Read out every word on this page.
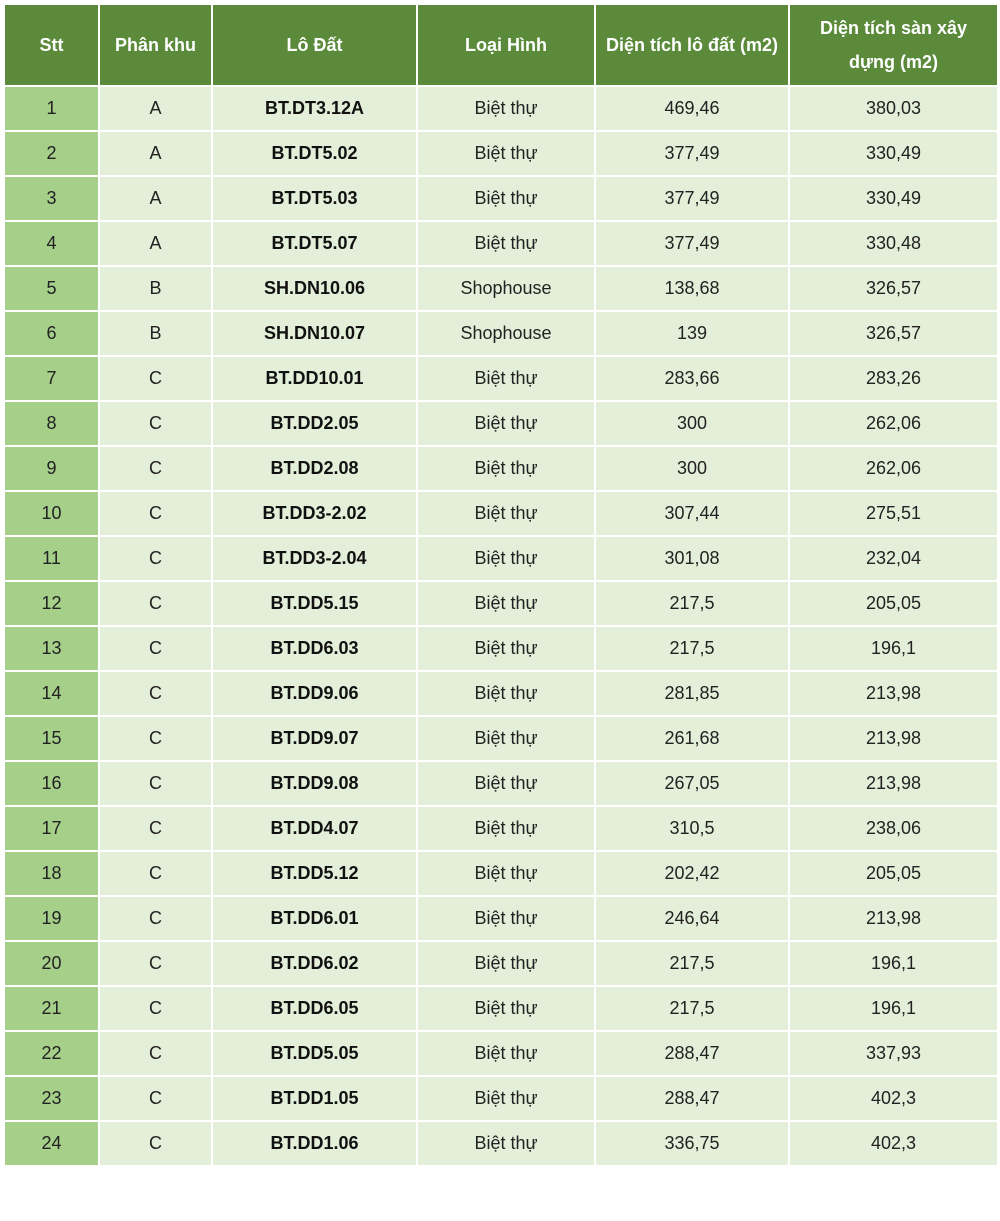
Stt	Phân khu	Lô Đất	Loại Hình	Diện tích lô đất (m2)	Diện tích sàn xây dựng (m2)
1	A	BT.DT3.12A	Biệt thự	469,46	380,03
2	A	BT.DT5.02	Biệt thự	377,49	330,49
3	A	BT.DT5.03	Biệt thự	377,49	330,49
4	A	BT.DT5.07	Biệt thự	377,49	330,48
5	B	SH.DN10.06	Shophouse	138,68	326,57
6	B	SH.DN10.07	Shophouse	139	326,57
7	C	BT.DD10.01	Biệt thự	283,66	283,26
8	C	BT.DD2.05	Biệt thự	300	262,06
9	C	BT.DD2.08	Biệt thự	300	262,06
10	C	BT.DD3-2.02	Biệt thự	307,44	275,51
11	C	BT.DD3-2.04	Biệt thự	301,08	232,04
12	C	BT.DD5.15	Biệt thự	217,5	205,05
13	C	BT.DD6.03	Biệt thự	217,5	196,1
14	C	BT.DD9.06	Biệt thự	281,85	213,98
15	C	BT.DD9.07	Biệt thự	261,68	213,98
16	C	BT.DD9.08	Biệt thự	267,05	213,98
17	C	BT.DD4.07	Biệt thự	310,5	238,06
18	C	BT.DD5.12	Biệt thự	202,42	205,05
19	C	BT.DD6.01	Biệt thự	246,64	213,98
20	C	BT.DD6.02	Biệt thự	217,5	196,1
21	C	BT.DD6.05	Biệt thự	217,5	196,1
22	C	BT.DD5.05	Biệt thự	288,47	337,93
23	C	BT.DD1.05	Biệt thự	288,47	402,3
24	C	BT.DD1.06	Biệt thự	336,75	402,3
